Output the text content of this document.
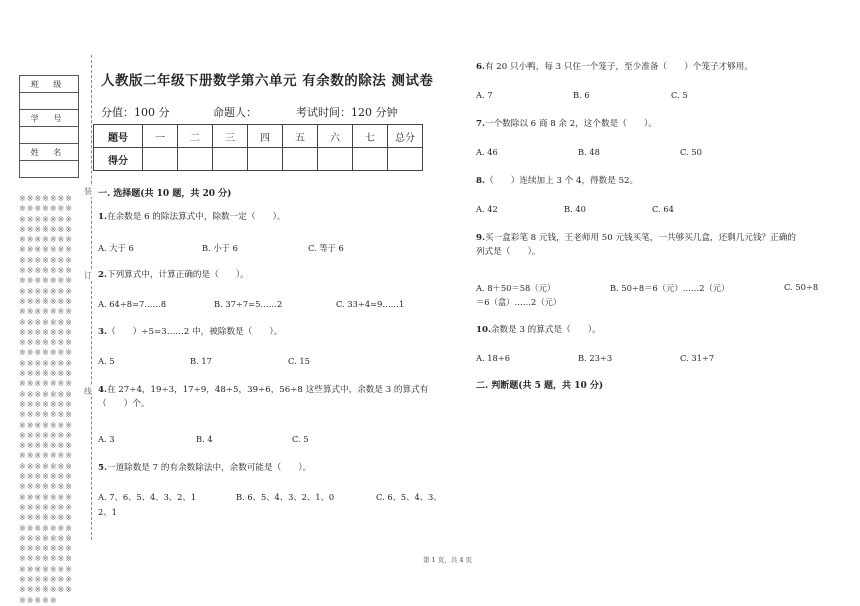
班 级

学 号

姓 名

※※※※※※※※※※※※※※※※※※※※※※※※※※※※※※※※※※※※※※※※※※※※※※※※※※※※※※※※※※※※※※※※※※※※※※※※※※※※※※※※※※※※※※※※※※※※※※※※※※※※※※※※※※※※※※※※※※※※※※※※※※※※※※※※※※※※※※※※※※※※※※※※※※※※※※※※※※※※※※※※※※※※※※※※※※※※※※※※※※※※※※※※※※※※※※※※※※※※※※※※※※※※※※※※※※※※※※※※※※※※※※※※※※※※※※※※※※※※※※※※※※※※※※※※※※※※※※※※※※※※※※※※※※※※※※※※※※※※※※
装
订
线
人教版二年级下册数学第六单元 有余数的除法 测试卷
分值：100 分	命题人：	考试时间：120 分钟
题号	一	二	三	四	五	六	七	总分
得分								
一. 选择题(共 10 题，共 20 分)
1.在余数是 6 的除法算式中，除数一定（　　）。
A. 大于 6	B. 小于 6	C. 等于 6
2.下列算式中，计算正确的是（　　）。
A. 64÷8=7……8	B. 37÷7=5……2	C. 33÷4=9……1
3.（　　）÷5=3……2 中，被除数是（　　）。
A. 5	B. 17	C. 15
4.在 27÷4，19÷3，17÷9，48÷5，39÷6，56÷8 这些算式中，余数是 3 的算式有
（　　）个。
A. 3	B. 4	C. 5
5.一道除数是 7 的有余数除法中，余数可能是（　　）。
A. 7、6、5、4、3、2、1	B. 6、5、4、3、2、1、0	C. 6、5、4、3、
2、1
6.有 20 只小鸭，每 3 只住一个笼子，至少准备（　　）个笼子才够用。
A. 7	B. 6	C. 5
7.一个数除以 6 商 8 余 2，这个数是（　　）。
A. 46	B. 48	C. 50
8.（　　）连续加上 3 个 4，得数是 52。
A. 42	B. 40	C. 64
9.买一盒彩笔 8 元钱，王老师用 50 元钱买笔，一共够买几盒，还剩几元钱？正确的
列式是（　　）。
A. 8＋50＝58（元）	B. 50÷8＝6（元）……2（元）	C. 50÷8
＝6（盒）……2（元）
10.余数是 3 的算式是（　　）。
A. 18÷6	B. 23÷3	C. 31÷7
二. 判断题(共 5 题，共 10 分)
第 1 页，共 4 页
